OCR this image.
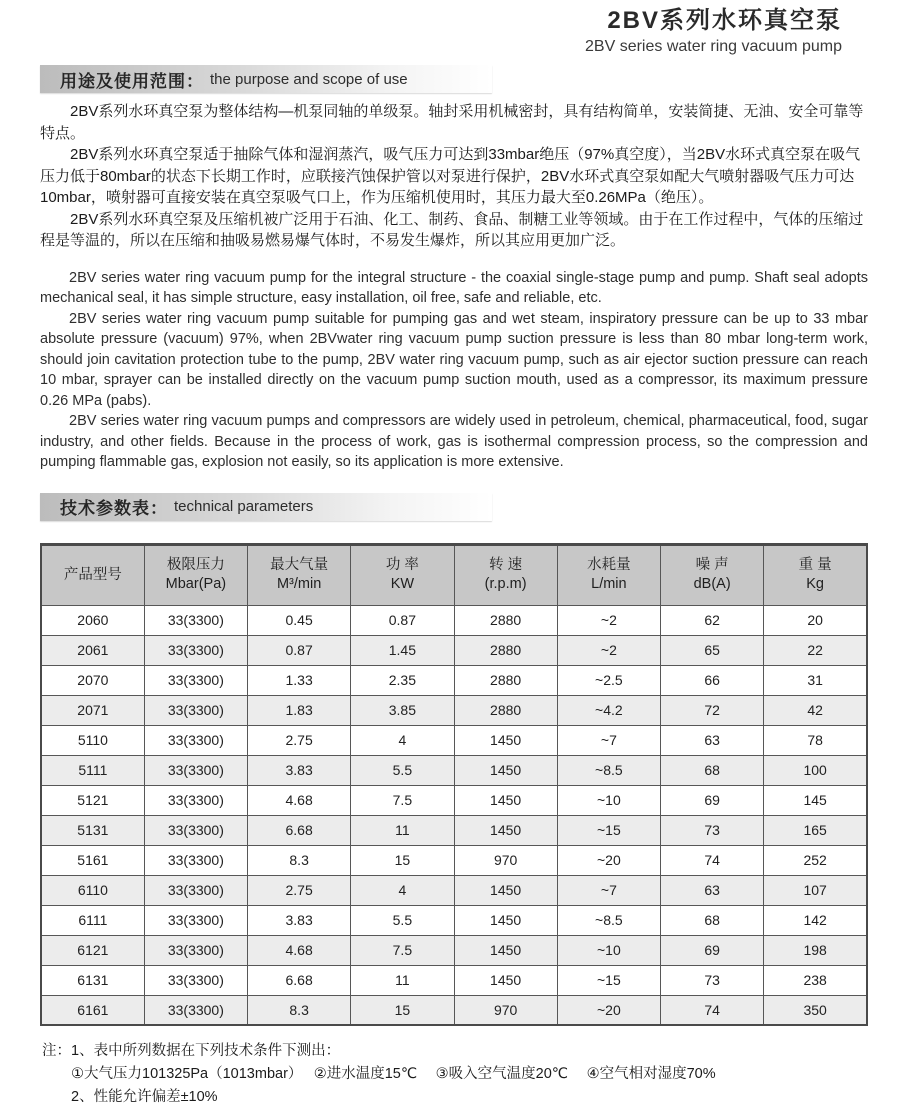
2BV系列水环真空泵
2BV series water ring vacuum pump
用途及使用范围： the purpose and scope of use

2BV系列水环真空泵为整体结构—机泵同轴的单级泵。轴封采用机械密封，具有结构简单，安装简捷、无油、安全可靠等特点。

2BV系列水环真空泵适于抽除气体和湿润蒸汽，吸气压力可达到33mbar绝压（97%真空度），当2BV水环式真空泵在吸气压力低于80mbar的状态下长期工作时，应联接汽蚀保护管以对泵进行保护，2BV水环式真空泵如配大气喷射器吸气压力可达10mbar，喷射器可直接安装在真空泵吸气口上，作为压缩机使用时，其压力最大至0.26MPa（绝压）。

2BV系列水环真空泵及压缩机被广泛用于石油、化工、制药、食品、制糖工业等领域。由于在工作过程中，气体的压缩过程是等温的，所以在压缩和抽吸易燃易爆气体时，不易发生爆炸，所以其应用更加广泛。

2BV series water ring vacuum pump for the integral structure - the coaxial single-stage pump and pump. Shaft seal adopts mechanical seal, it has simple structure, easy installation, oil free, safe and reliable, etc.

2BV series water ring vacuum pump suitable for pumping gas and wet steam, inspiratory pressure can be up to 33 mbar absolute pressure (vacuum) 97%, when 2BVwater ring vacuum pump suction pressure is less than 80 mbar long-term work, should join cavitation protection tube to the pump, 2BV water ring vacuum pump, such as air ejector suction pressure can reach 10 mbar, sprayer can be installed directly on the vacuum pump suction mouth, used as a compressor, its maximum pressure 0.26 MPa (pabs).

2BV series water ring vacuum pumps and compressors are widely used in petroleum, chemical, pharmaceutical, food, sugar industry, and other fields. Because in the process of work, gas is isothermal compression process, so the compression and pumping flammable gas, explosion not easily, so its application is more extensive.

技术参数表： technical parameters
产品型号

极限压力
Mbar(Pa)

最大气量
M³/min

功 率
KW

转 速
(r.p.m)

水耗量
L/min

噪 声
dB(A)

重 量
Kg

2060	33(3300)	0.45	0.87	2880	~2	62	20
2061	33(3300)	0.87	1.45	2880	~2	65	22
2070	33(3300)	1.33	2.35	2880	~2.5	66	31
2071	33(3300)	1.83	3.85	2880	~4.2	72	42
5110	33(3300)	2.75	4	1450	~7	63	78
5111	33(3300)	3.83	5.5	1450	~8.5	68	100
5121	33(3300)	4.68	7.5	1450	~10	69	145
5131	33(3300)	6.68	11	1450	~15	73	165
5161	33(3300)	8.3	15	970	~20	74	252
6110	33(3300)	2.75	4	1450	~7	63	107
6111	33(3300)	3.83	5.5	1450	~8.5	68	142
6121	33(3300)	4.68	7.5	1450	~10	69	198
6131	33(3300)	6.68	11	1450	~15	73	238
6161	33(3300)	8.3	15	970	~20	74	350
注： 1、表中所列数据在下列技术条件下测出：
①大气压力101325Pa（1013mbar）　 ②进水温度15℃　 ③吸入空气温度20℃　 ④空气相对湿度70%
2、性能允许偏差±10%
